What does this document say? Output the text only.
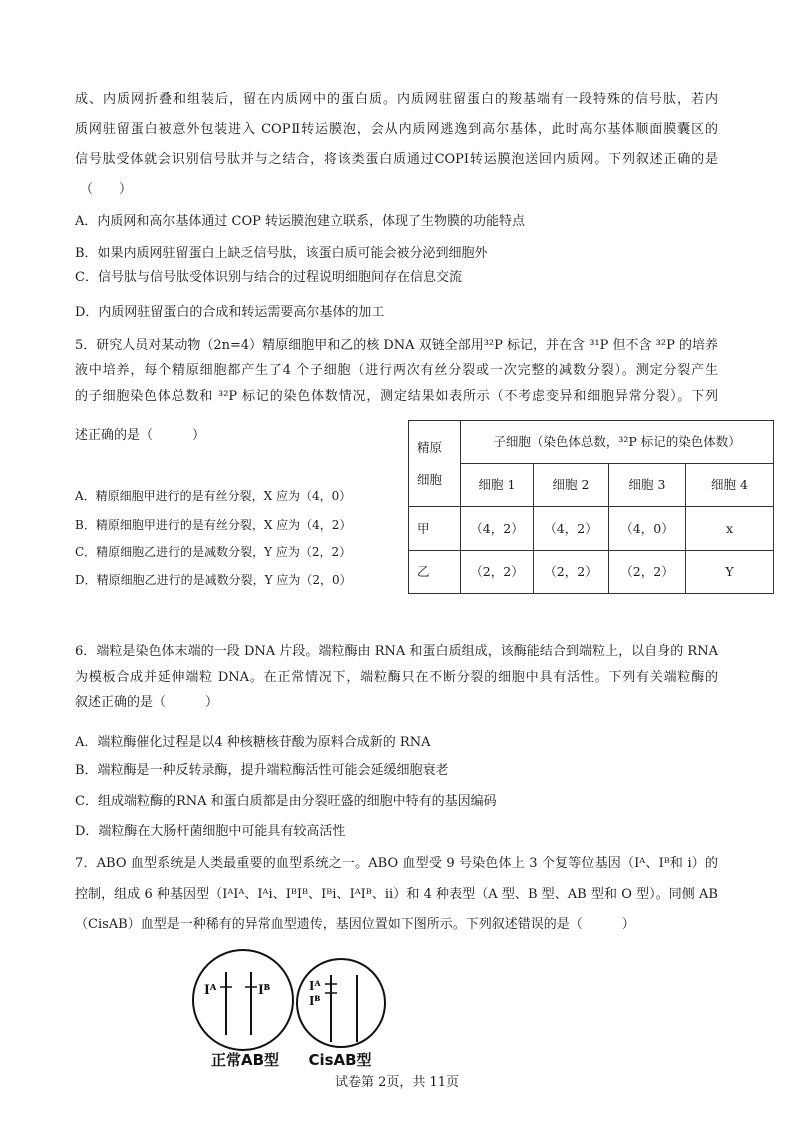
成、内质网折叠和组装后，留在内质网中的蛋白质。内质网驻留蛋白的羧基端有一段特殊的信号肽，若内
质网驻留蛋白被意外包装进入 COPⅡ转运膜泡，会从内质网逃逸到高尔基体，此时高尔基体顺面膜囊区的
信号肽受体就会识别信号肽并与之结合，将该类蛋白质通过COPI转运膜泡送回内质网。下列叙述正确的是
（　　）
A．内质网和高尔基体通过 COP 转运膜泡建立联系，体现了生物膜的功能特点
B．如果内质网驻留蛋白上缺乏信号肽，该蛋白质可能会被分泌到细胞外
C．信号肽与信号肽受体识别与结合的过程说明细胞间存在信息交流
D．内质网驻留蛋白的合成和转运需要高尔基体的加工
5．研究人员对某动物（2n=4）精原细胞甲和乙的核 DNA 双链全部用³²P 标记，并在含 ³¹P 但不含 ³²P 的培养
液中培养，每个精原细胞都产生了4 个子细胞（进行两次有丝分裂或一次完整的减数分裂）。测定分裂产生
的子细胞染色体总数和 ³²P 标记的染色体数情况，测定结果如表所示（不考虑变异和细胞异常分裂）。下列
述正确的是（　　　）
A．精原细胞甲进行的是有丝分裂，X 应为（4，0）
B．精原细胞甲进行的是有丝分裂，X 应为（4，2）
C．精原细胞乙进行的是减数分裂，Y 应为（2，2）
D．精原细胞乙进行的是减数分裂，Y 应为（2，0）
精原细胞	子细胞（染色体总数，³²P 标记的染色体数）			
	细胞 1	细胞 2	细胞 3	细胞 4
甲	（4，2）	（4，2）	（4，0）	x
乙	（2，2）	（2，2）	（2，2）	Y
6．端粒是染色体末端的一段 DNA 片段。端粒酶由 RNA 和蛋白质组成，该酶能结合到端粒上，以自身的 RNA
为模板合成并延伸端粒 DNA。在正常情况下，端粒酶只在不断分裂的细胞中具有活性。下列有关端粒酶的
叙述正确的是（　　　）
A．端粒酶催化过程是以4 种核糖核苷酸为原料合成新的 RNA
B．端粒酶是一种反转录酶，提升端粒酶活性可能会延缓细胞衰老
C．组成端粒酶的RNA 和蛋白质都是由分裂旺盛的细胞中特有的基因编码
D．端粒酶在大肠杆菌细胞中可能具有较高活性
7．ABO 血型系统是人类最重要的血型系统之一。ABO 血型受 9 号染色体上 3 个复等位基因（Iᴬ、Iᴮ和 i）的
控制，组成 6 种基因型（IᴬIᴬ、Iᴬi、IᴮIᴮ、Iᴮi、IᴬIᴮ、ii）和 4 种表型（A 型、B 型、AB 型和 O 型）。同侧 AB
（CisAB）血型是一种稀有的异常血型遗传，基因位置如下图所示。下列叙述错误的是（　　　）
Iᴬ	Iᴮ
正常AB型
Iᴬ
Iᴮ
CisAB型
试卷第 2页，共 11页
